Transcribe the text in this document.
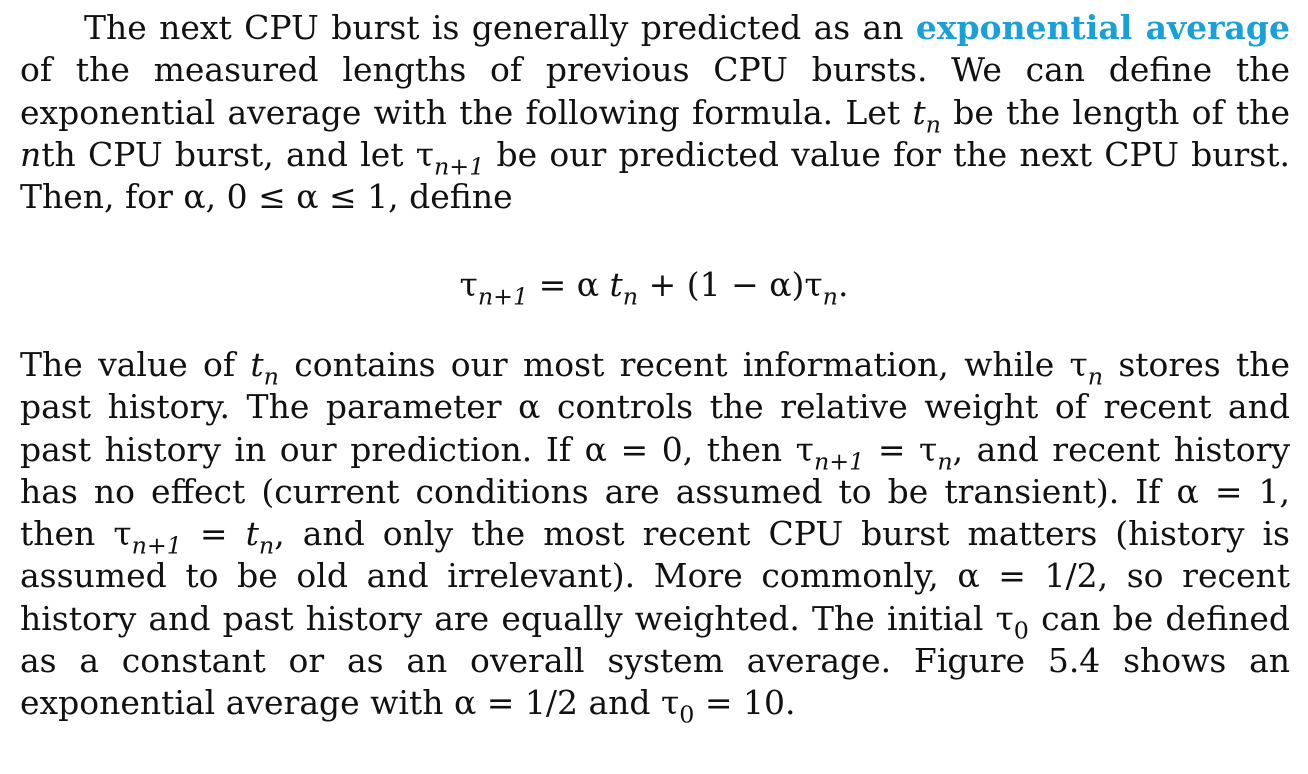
The next CPU burst is generally predicted as an exponential average of the measured lengths of previous CPU bursts. We can define the exponential average with the following formula. Let $t_n$ be the length of the nth CPU burst, and let $\tau_{n+1}$ be our predicted value for the next CPU burst. Then, for α, 0 ≤ α ≤ 1, define

$\tau_{n+1} = \alpha$ $t_n + (1 - \alpha)\tau_n$.

The value of $t_n$ contains our most recent information, while $\tau_n$ stores the past history. The parameter α controls the relative weight of recent and past history in our prediction. If α = 0, then $\tau_{n+1} = \tau_n$, and recent history has no effect (current conditions are assumed to be transient). If α = 1, then $\tau_{n+1} = t_n$, and only the most recent CPU burst matters (history is assumed to be old and irrelevant). More commonly, α = 1/2, so recent history and past history are equally weighted. The initial $\tau_0$ can be defined as a constant or as an overall system average. Figure 5.4 shows an exponential average with α = 1/2 and $\tau_0 = 10$.
